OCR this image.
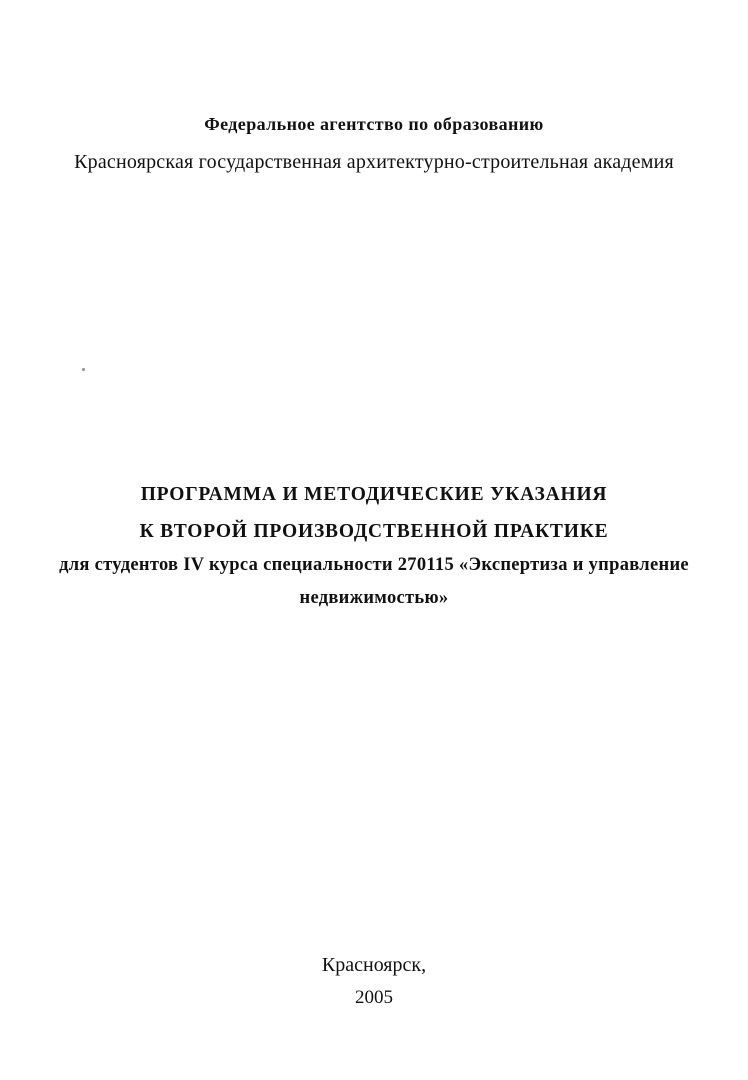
Федеральное агентство по образованию
Красноярская государственная архитектурно-строительная академия
ПРОГРАММА И МЕТОДИЧЕСКИЕ УКАЗАНИЯ
К ВТОРОЙ ПРОИЗВОДСТВЕННОЙ ПРАКТИКЕ
для студентов IV курса специальности 270115 «Экспертиза и управление
недвижимостью»
Красноярск,
2005
